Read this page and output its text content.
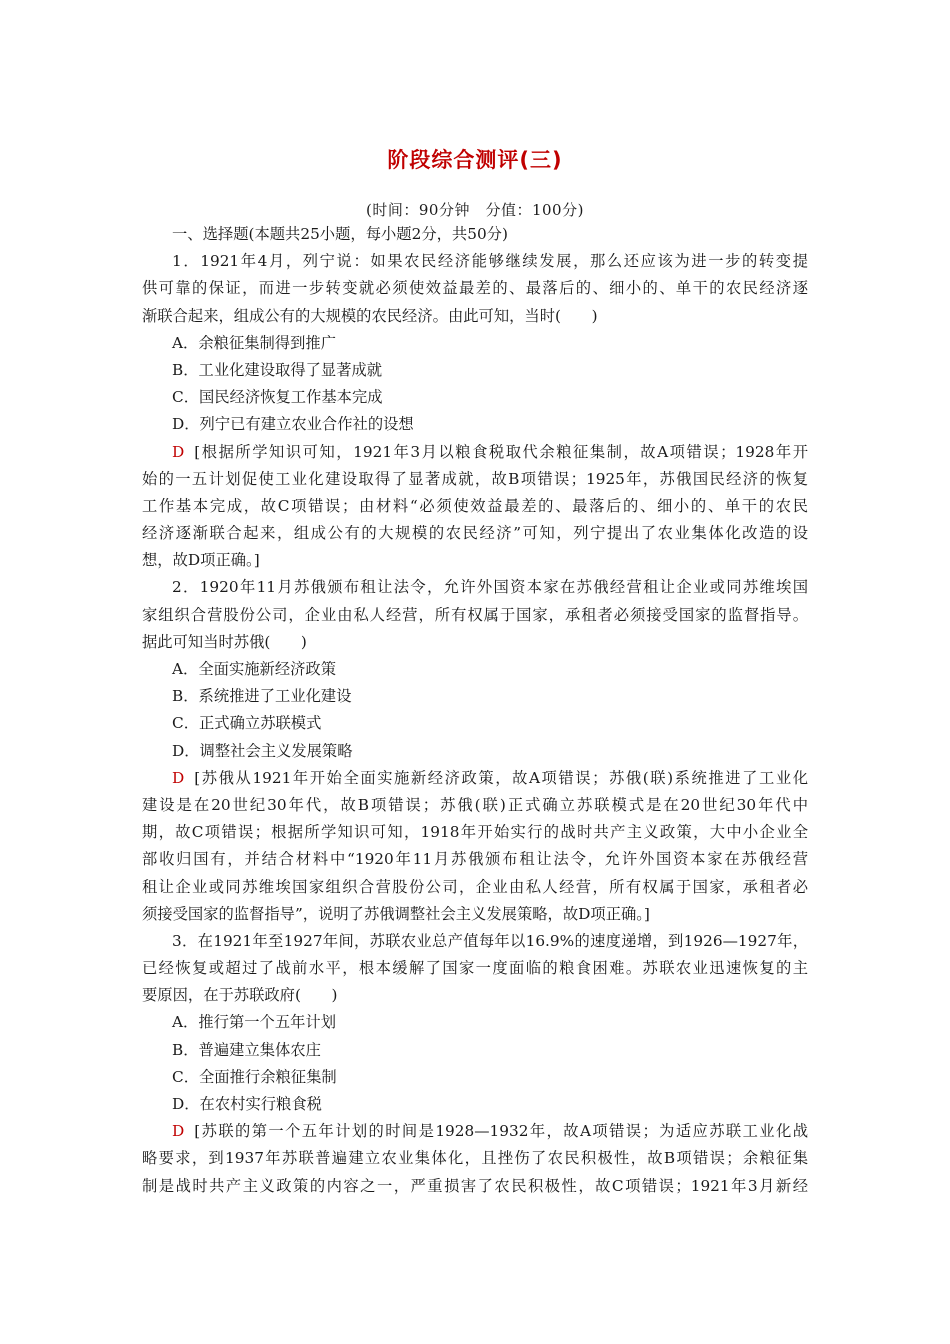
阶段综合测评(三)
(时间：90分钟　分值：100分)
一、选择题(本题共25小题，每小题2分，共50分)
1．1921年4月，列宁说：如果农民经济能够继续发展，那么还应该为进一步的转变提
供可靠的保证，而进一步转变就必须使效益最差的、最落后的、细小的、单干的农民经济逐
渐联合起来，组成公有的大规模的农民经济。由此可知，当时(　　)
A．余粮征集制得到推广
B．工业化建设取得了显著成就
C．国民经济恢复工作基本完成
D．列宁已有建立农业合作社的设想
D [根据所学知识可知，1921年3月以粮食税取代余粮征集制，故A项错误；1928年开
始的一五计划促使工业化建设取得了显著成就，故B项错误；1925年，苏俄国民经济的恢复
工作基本完成，故C项错误；由材料“必须使效益最差的、最落后的、细小的、单干的农民
经济逐渐联合起来，组成公有的大规模的农民经济”可知，列宁提出了农业集体化改造的设
想，故D项正确。]
2．1920年11月苏俄颁布租让法令，允许外国资本家在苏俄经营租让企业或同苏维埃国
家组织合营股份公司，企业由私人经营，所有权属于国家，承租者必须接受国家的监督指导。
据此可知当时苏俄(　　)
A．全面实施新经济政策
B．系统推进了工业化建设
C．正式确立苏联模式
D．调整社会主义发展策略
D [苏俄从1921年开始全面实施新经济政策，故A项错误；苏俄(联)系统推进了工业化
建设是在20世纪30年代，故B项错误；苏俄(联)正式确立苏联模式是在20世纪30年代中
期，故C项错误；根据所学知识可知，1918年开始实行的战时共产主义政策，大中小企业全
部收归国有，并结合材料中“1920年11月苏俄颁布租让法令，允许外国资本家在苏俄经营
租让企业或同苏维埃国家组织合营股份公司，企业由私人经营，所有权属于国家，承租者必
须接受国家的监督指导”，说明了苏俄调整社会主义发展策略，故D项正确。]
3．在1921年至1927年间，苏联农业总产值每年以16.9%的速度递增，到1926—1927年，
已经恢复或超过了战前水平，根本缓解了国家一度面临的粮食困难。苏联农业迅速恢复的主
要原因，在于苏联政府(　　)
A．推行第一个五年计划
B．普遍建立集体农庄
C．全面推行余粮征集制
D．在农村实行粮食税
D [苏联的第一个五年计划的时间是1928—1932年，故A项错误；为适应苏联工业化战
略要求，到1937年苏联普遍建立农业集体化，且挫伤了农民积极性，故B项错误；余粮征集
制是战时共产主义政策的内容之一，严重损害了农民积极性，故C项错误；1921年3月新经
